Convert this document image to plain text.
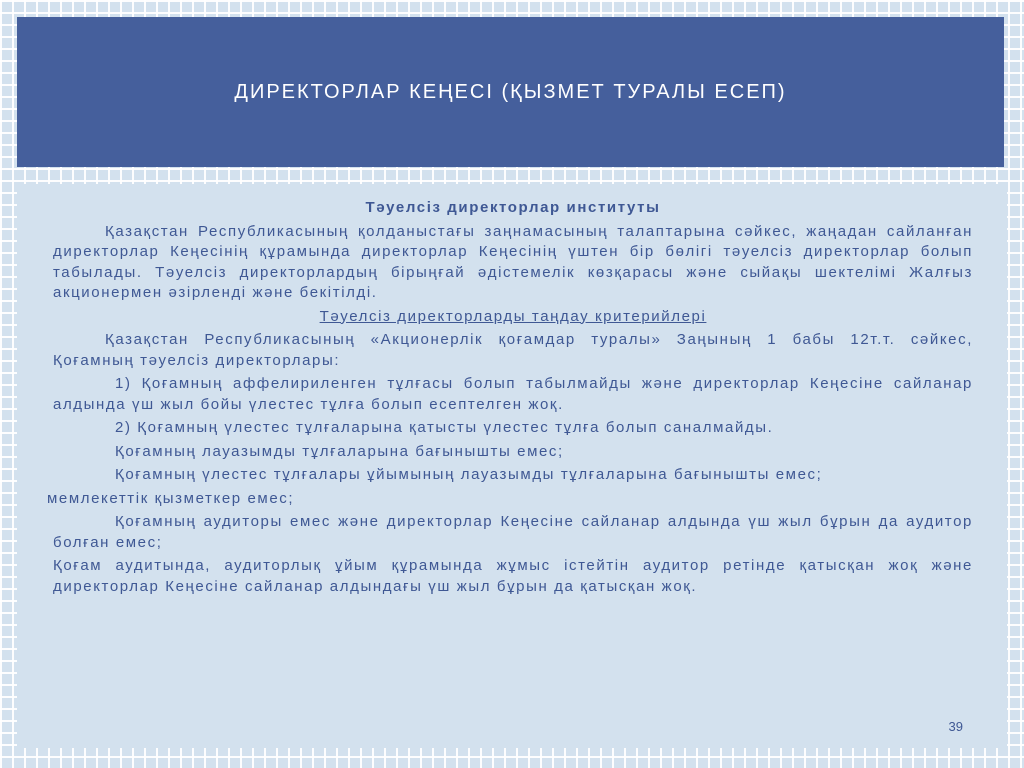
ДИРЕКТОРЛАР КЕҢЕСІ (ҚЫЗМЕТ ТУРАЛЫ ЕСЕП)

Тәуелсіз директорлар институты

Қазақстан Республикасының қолданыстағы заңнамасының талаптарына сәйкес, жаңадан сайланған директорлар Кеңесінің құрамында директорлар Кеңесінің үштен бір бөлігі тәуелсіз директорлар болып табылады. Тәуелсіз директорлардың бірыңғай әдістемелік көзқарасы және сыйақы шектелімі Жалғыз акционермен әзірленді және бекітілді.

Тәуелсіз директорларды таңдау критерийлері

Қазақстан Республикасының «Акционерлік қоғамдар туралы» Заңының 1 бабы 12т.т. сәйкес, Қоғамның тәуелсіз директорлары:

1) Қоғамның аффелириленген тұлғасы болып табылмайды және директорлар Кеңесіне сайланар алдында үш жыл бойы үлестес тұлға болып есептелген жоқ.

2) Қоғамның үлестес тұлғаларына қатысты үлестес тұлға болып саналмайды.

Қоғамның лауазымды тұлғаларына бағынышты емес;

Қоғамның үлестес тұлғалары ұйымының лауазымды тұлғаларына бағынышты емес;

мемлекеттік қызметкер емес;

Қоғамның аудиторы емес және директорлар Кеңесіне сайланар алдында үш жыл бұрын да аудитор болған емес;

Қоғам аудитында, аудиторлық ұйым құрамында жұмыс істейтін аудитор ретінде қатысқан жоқ және директорлар Кеңесіне сайланар алдындағы үш жыл бұрын да қатысқан жоқ.

39
